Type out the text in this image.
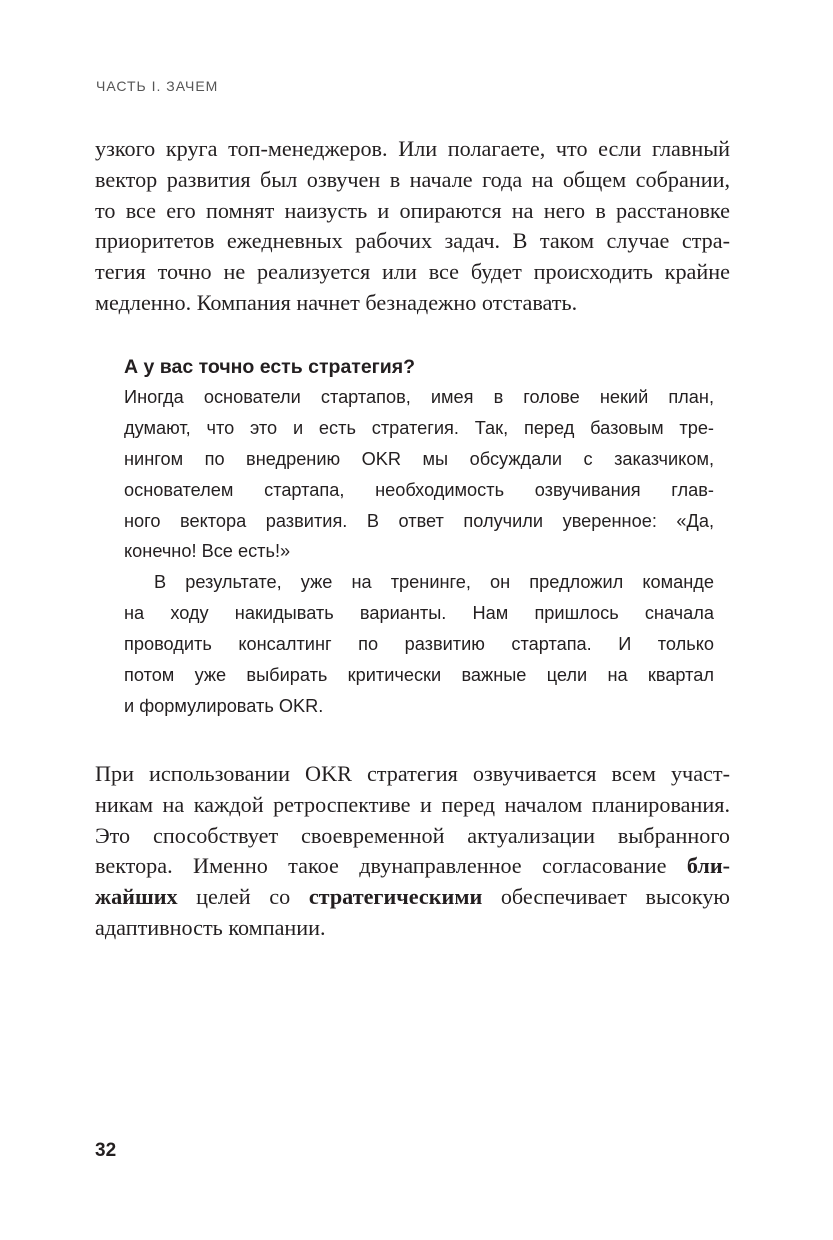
ЧАСТЬ I. ЗАЧЕМ
узкого круга топ-менеджеров. Или полагаете, что если главный
вектор развития был озвучен в начале года на общем собрании,
то все его помнят наизусть и опираются на него в расстановке
приоритетов ежедневных рабочих задач. В таком случае стра-
тегия точно не реализуется или все будет происходить крайне
медленно. Компания начнет безнадежно отставать.
А у вас точно есть стратегия?
Иногда основатели стартапов, имея в голове некий план,
думают, что это и есть стратегия. Так, перед базовым тре-
нингом по внедрению OKR мы обсуждали с заказчиком,
основателем стартапа, необходимость озвучивания глав-
ного вектора развития. В ответ получили уверенное: «Да,
конечно! Все есть!»
В результате, уже на тренинге, он предложил команде
на ходу накидывать варианты. Нам пришлось сначала
проводить консалтинг по развитию стартапа. И только
потом уже выбирать критически важные цели на квартал
и формулировать OKR.
При использовании OKR стратегия озвучивается всем участ-
никам на каждой ретроспективе и перед началом планирования.
Это способствует своевременной актуализации выбранного
вектора. Именно такое двунаправленное согласование бли-
жайших целей со стратегическими обеспечивает высокую
адаптивность компании.
32
